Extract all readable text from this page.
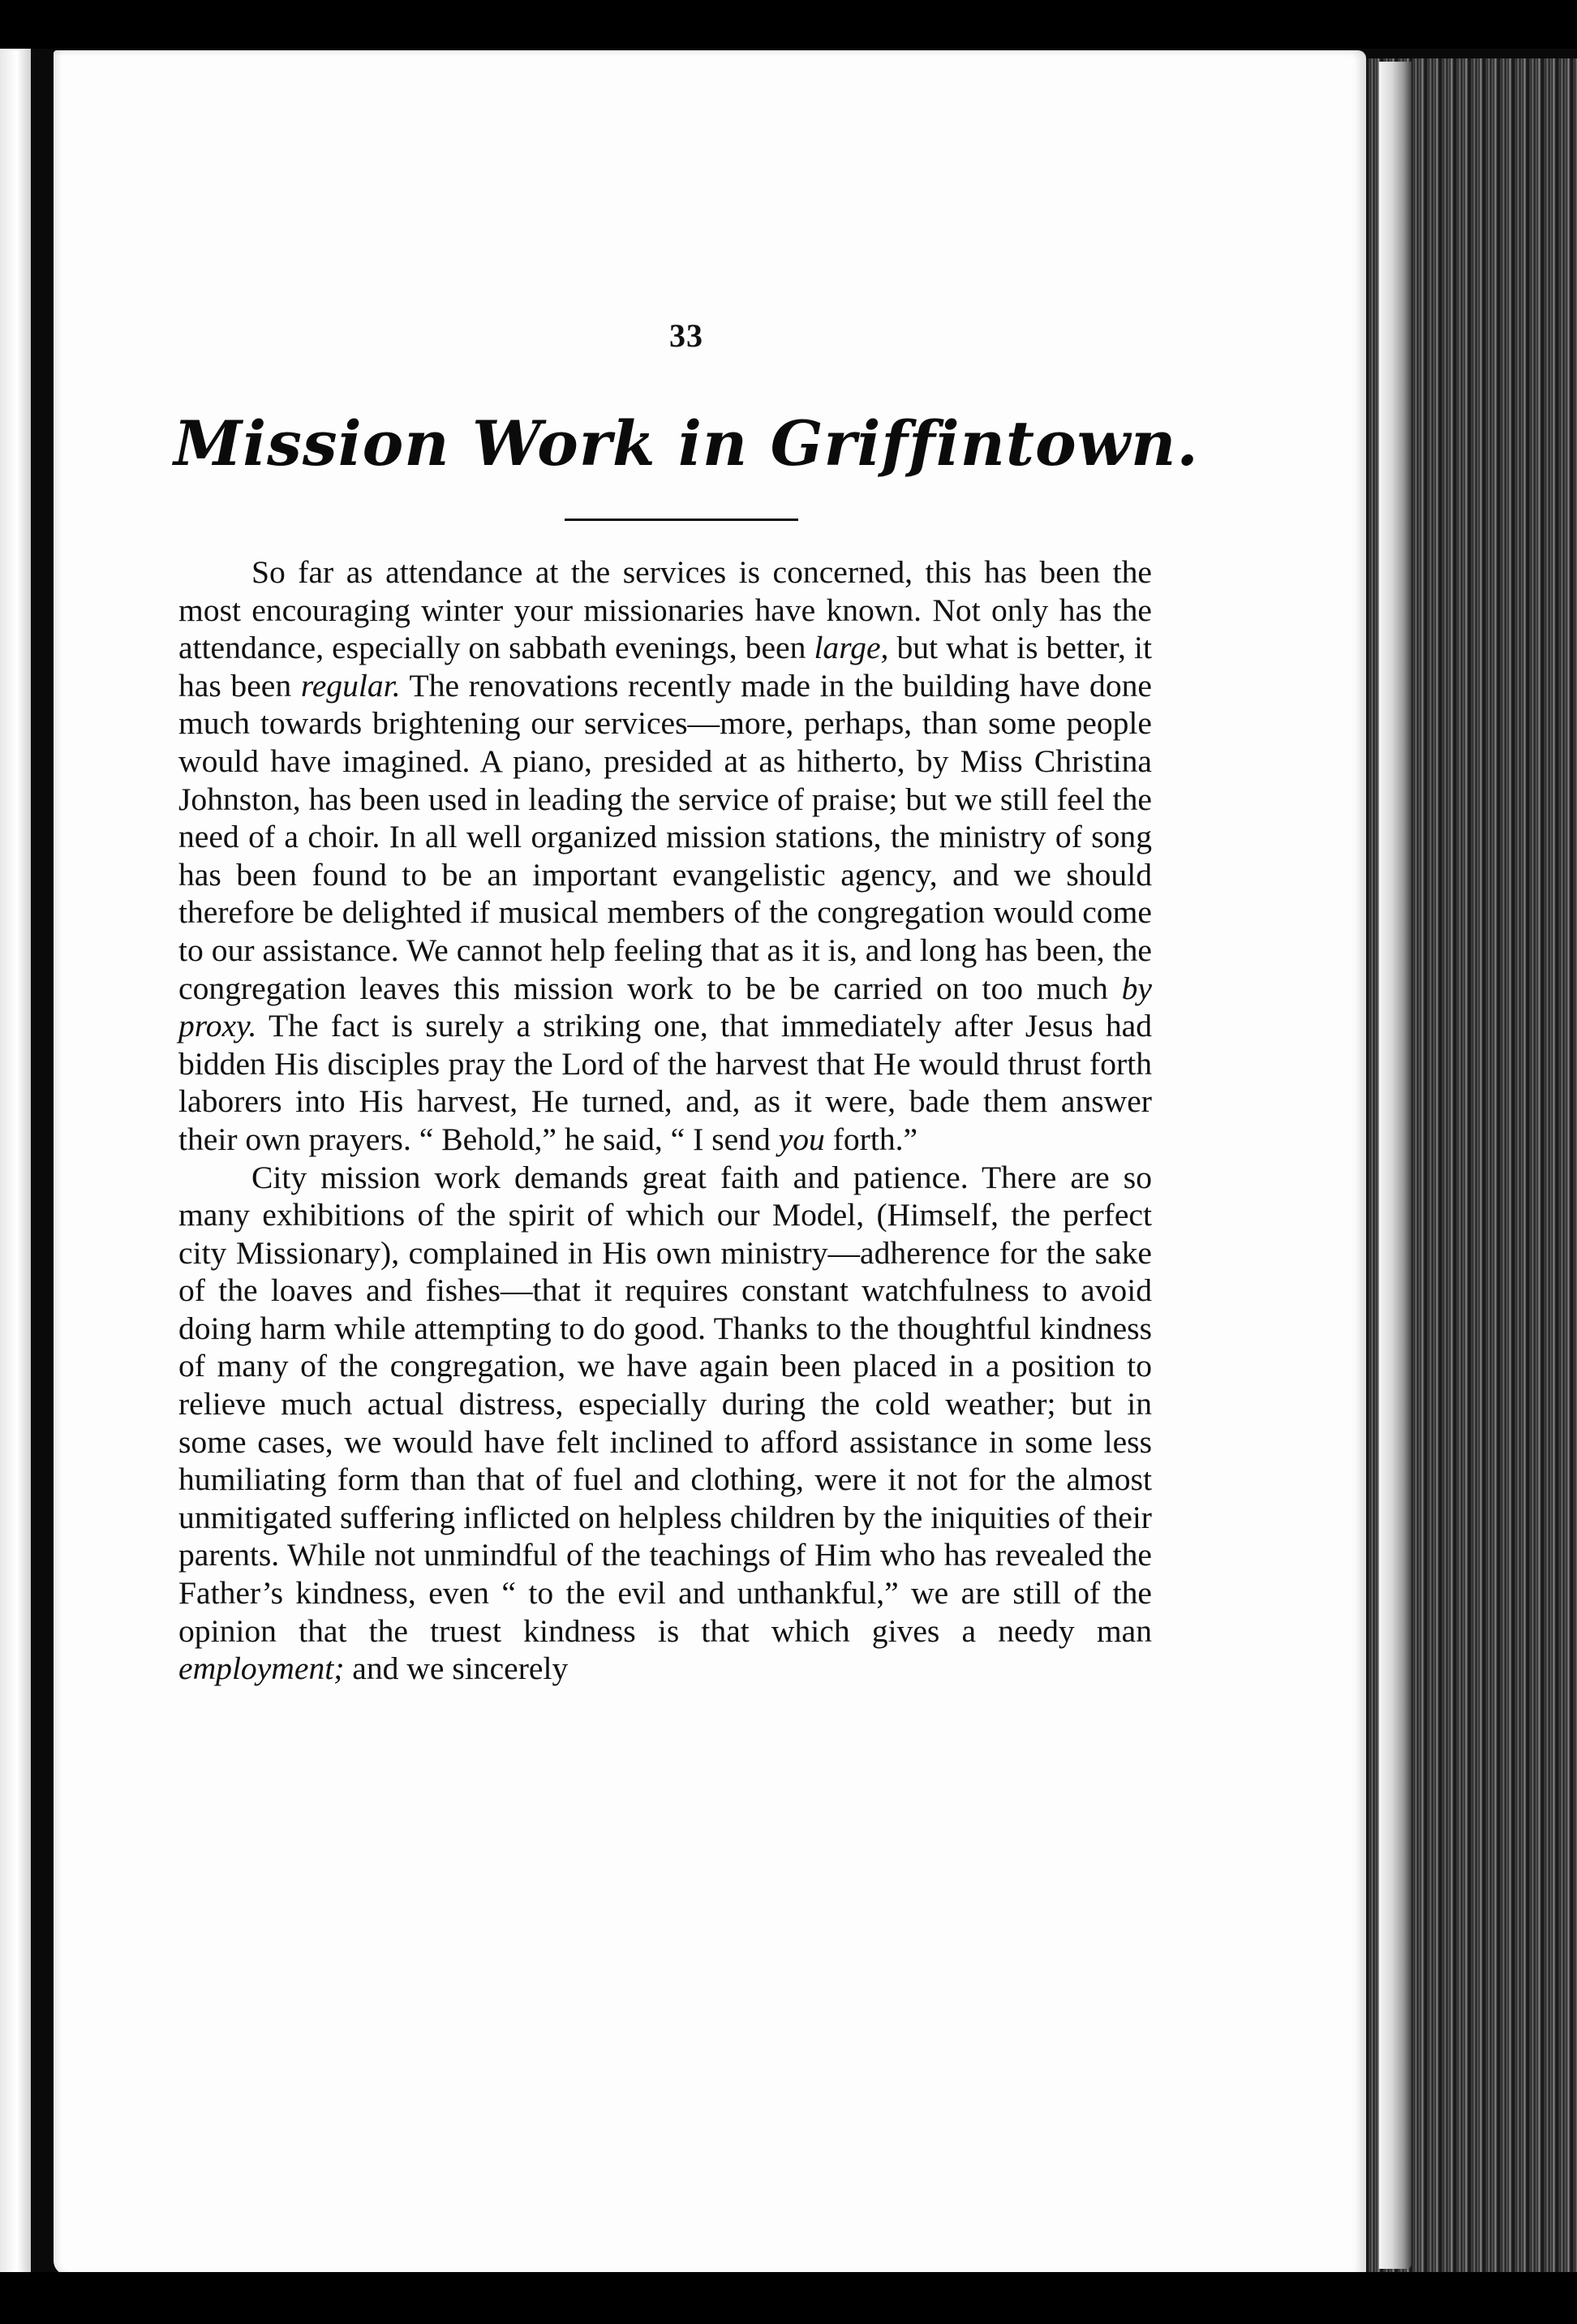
33
Mission Work in Griffintown.

So far as attendance at the services is concerned, this has been the most encouraging winter your missionaries have known. Not only has the attendance, especially on sabbath evenings, been large, but what is better, it has been regular. The renovations recently made in the building have done much towards brightening our services—more, perhaps, than some people would have imagined. A piano, presided at as hitherto, by Miss Christina Johnston, has been used in leading the service of praise; but we still feel the need of a choir. In all well organized mission stations, the ministry of song has been found to be an important evangelistic agency, and we should therefore be delighted if musical members of the congregation would come to our assistance. We cannot help feeling that as it is, and long has been, the congregation leaves this mission work to be be carried on too much by proxy. The fact is surely a striking one, that immediately after Jesus had bidden His disciples pray the Lord of the harvest that He would thrust forth laborers into His harvest, He turned, and, as it were, bade them answer their own prayers. “ Behold,” he said, “ I send you forth.”

City mission work demands great faith and patience. There are so many exhibitions of the spirit of which our Model, (Himself, the perfect city Missionary), complained in His own ministry—adherence for the sake of the loaves and fishes—that it requires constant watchfulness to avoid doing harm while attempting to do good. Thanks to the thoughtful kindness of many of the congregation, we have again been placed in a position to relieve much actual distress, especially during the cold weather; but in some cases, we would have felt inclined to afford assistance in some less humiliating form than that of fuel and clothing, were it not for the almost unmitigated suffering inflicted on helpless children by the iniquities of their parents. While not unmindful of the teachings of Him who has revealed the Father’s kindness, even “ to the evil and unthankful,” we are still of the opinion that the truest kindness is that which gives a needy man employment; and we sincerely
